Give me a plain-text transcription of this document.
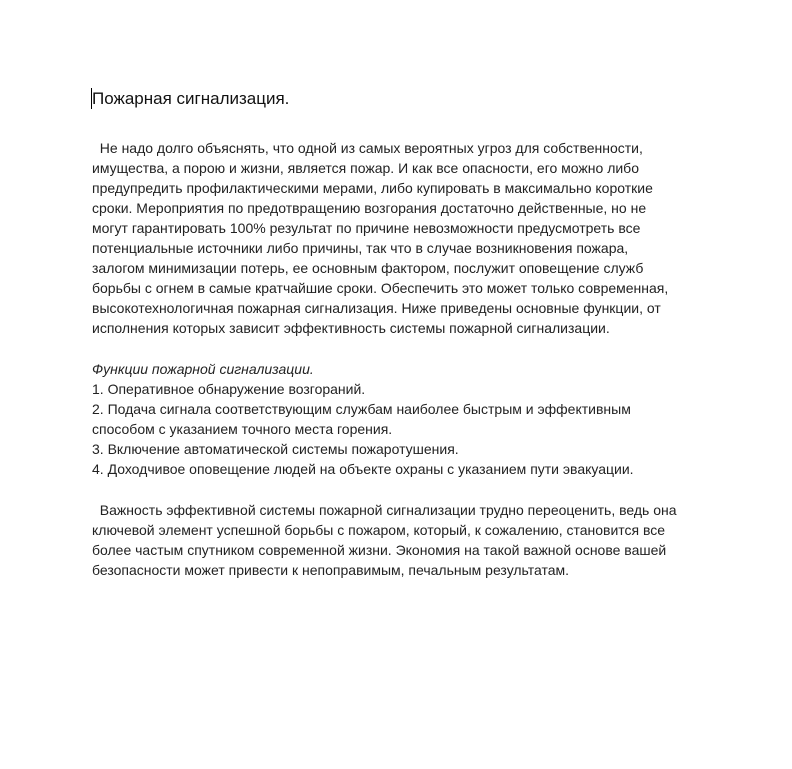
Пожарная сигнализация.
Не надо долго объяснять, что одной из самых вероятных угроз для собственности,
имущества, а порою и жизни, является пожар. И как все опасности, его можно либо
предупредить профилактическими мерами, либо купировать в максимально короткие
сроки. Мероприятия по предотвращению возгорания достаточно действенные, но не
могут гарантировать 100% результат по причине невозможности предусмотреть все
потенциальные источники либо причины, так что в случае возникновения пожара,
залогом минимизации потерь, ее основным фактором, послужит оповещение служб
борьбы с огнем в самые кратчайшие сроки. Обеспечить это может только современная,
высокотехнологичная пожарная сигнализация. Ниже приведены основные функции, от
исполнения которых зависит эффективность системы пожарной сигнализации.
Функции пожарной сигнализации.
1. Оперативное обнаружение возгораний.
2. Подача сигнала соответствующим службам наиболее быстрым и эффективным
способом с указанием точного места горения.
3. Включение автоматической системы пожаротушения.
4. Доходчивое оповещение людей на объекте охраны с указанием пути эвакуации.
Важность эффективной системы пожарной сигнализации трудно переоценить, ведь она
ключевой элемент успешной борьбы с пожаром, который, к сожалению, становится все
более частым спутником современной жизни. Экономия на такой важной основе вашей
безопасности может привести к непоправимым, печальным результатам.
